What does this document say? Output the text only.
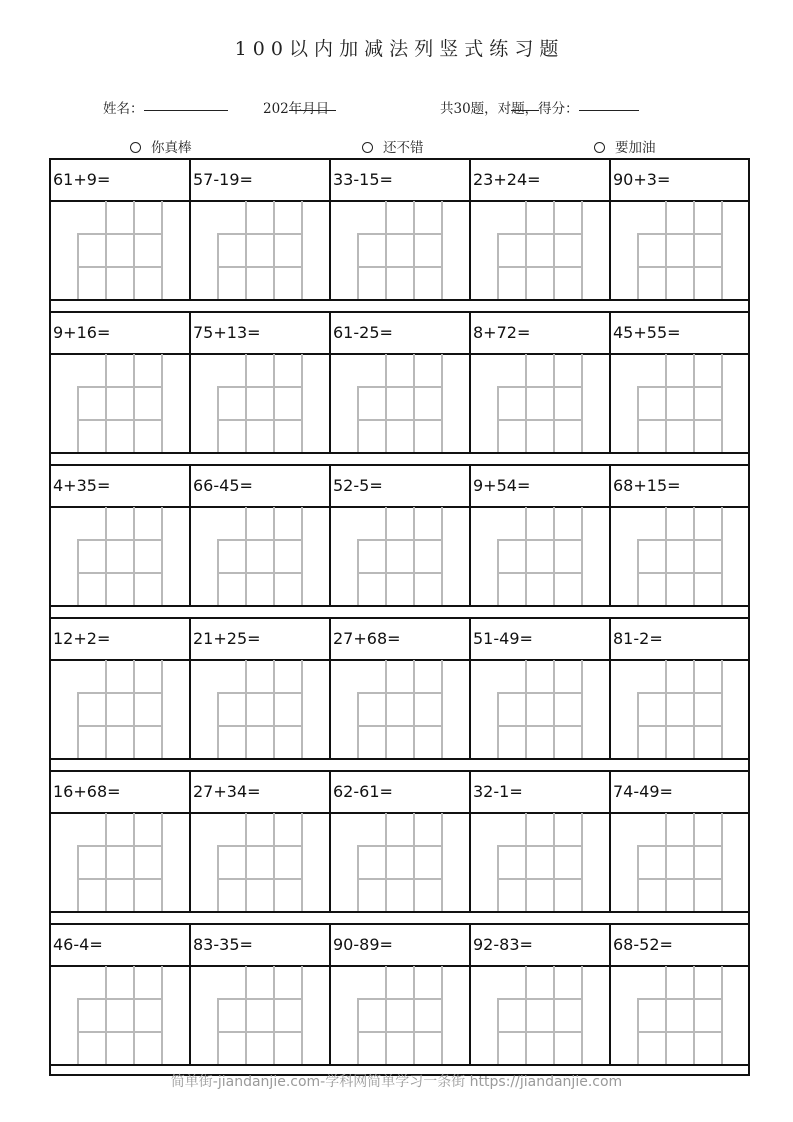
1 0 0 以 内 加 减 法 列 竖 式 练 习 题
姓名：	202
年
月
日	共30题，对
题，得分：
你真棒	还不错	要加油
61+9=	57-19=	33-15=	23+24=	90+3=
9+16=	75+13=	61-25=	8+72=	45+55=
4+35=	66-45=	52-5=	9+54=	68+15=
12+2=	21+25=	27+68=	51-49=	81-2=
16+68=	27+34=	62-61=	32-1=	74-49=
46-4=	83-35=	90-89=	92-83=	68-52=
简单街-jiandanjie.com-学科网简单学习一条街 https://jiandanjie.com
